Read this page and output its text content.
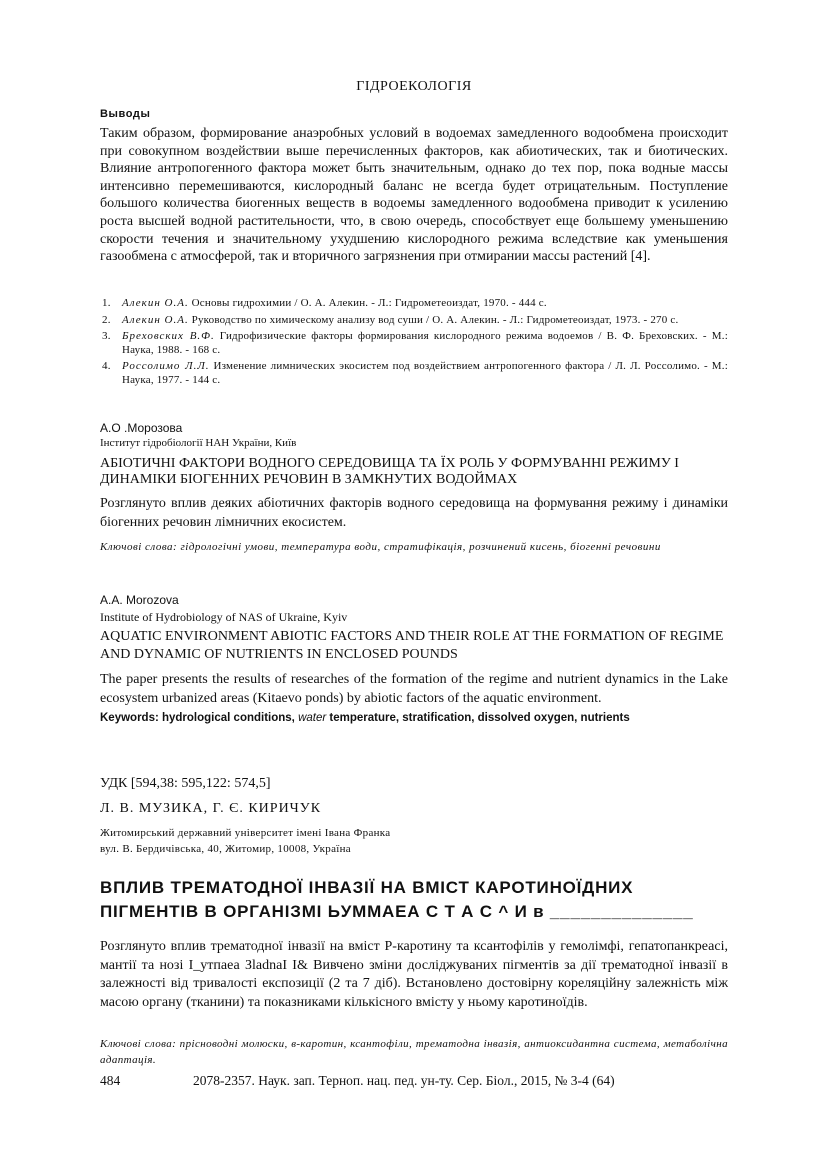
ГІДРОЕКОЛОГІЯ
Выводы
Таким образом, формирование анаэробных условий в водоемах замедленного водообмена происходит при совокупном воздействии выше перечисленных факторов, как абиотических, так и биотических. Влияние антропогенного фактора может быть значительным, однако до тех пор, пока водные массы интенсивно перемешиваются, кислородный баланс не всегда будет отрицательным. Поступление большого количества биогенных веществ в водоемы замедленного водообмена приводит к усилению роста высшей водной растительности, что, в свою очередь, способствует еще большему уменьшению скорости течения и значительному ухудшению кислородного режима вследствие как уменьшения газообмена с атмосферой, так и вторичного загрязнения при отмирании массы растений [4].
1. Алекин О.А. Основы гидрохимии / О. А. Алекин. - Л.: Гидрометеоиздат, 1970. - 444 с.
2. Алекин О.А. Руководство по химическому анализу вод суши / О. А. Алекин. - Л.: Гидрометеоиздат, 1973. - 270 с.
3. Бреховских В.Ф. Гидрофизические факторы формирования кислородного режима водоемов / В. Ф. Бреховских. - М.: Наука, 1988. - 168 с.
4. Россолимо Л.Л. Изменение лимнических экосистем под воздействием антропогенного фактора / Л. Л. Россолимо. - М.: Наука, 1977. - 144 с.
А.О .Морозова
Інститут гідробіології НАН України, Київ
АБІОТИЧНІ ФАКТОРИ ВОДНОГО СЕРЕДОВИЩА ТА ЇХ РОЛЬ У ФОРМУВАННІ РЕЖИМУ І ДИНАМІКИ БІОГЕННИХ РЕЧОВИН В ЗАМКНУТИХ ВОДОЙМАХ
Розглянуто вплив деяких абіотичних факторів водного середовища на формування режиму і динаміки біогенних речовин лімничних екосистем.
Ключові слова: гідрологічні умови, температура води, стратифікація, розчинений кисень, біогенні речовини
A.A. Morozova
Institute of Hydrobiology of NAS of Ukraine, Kyiv
AQUATIC ENVIRONMENT ABIOTIC FACTORS AND THEIR ROLE AT THE FORMATION OF REGIME AND DYNAMIC OF NUTRIENTS IN ENCLOSED POUNDS
The paper presents the results of researches of the formation of the regime and nutrient dynamics in the Lake ecosystem urbanized areas (Kitaevo ponds) by abiotic factors of the aquatic environment.
Keywords: hydrological conditions, water temperature, stratification, dissolved oxygen, nutrients
УДК [594,38: 595,122: 574,5]
Л. В. МУЗИКА, Г. Є. КИРИЧУК
Житомирський державний університет імені Івана Франка
вул. В. Бердичівська, 40, Житомир, 10008, Україна
ВПЛИВ ТРЕМАТОДНОЇ ІНВАЗІЇ НА ВМІСТ КАРОТИНОЇДНИХ
ПІГМЕНТІВ В ОРГАНІЗМІ ЬУММАЕА С Т А С ^ И в ______________
Розглянуто вплив трематодної інвазії на вміст Р-каротину та ксантофілів у гемолімфі, гепатопанкреасі, мантії та нозі І_утпаеа ЗladnaI I& Вивчено зміни досліджуваних пігментів за дії трематодної інвазії в залежності від тривалості експозиції (2 та 7 діб). Встановлено достовірну кореляційну залежність між масою органу (тканини) та показниками кількісного вмісту у ньому каротиноїдів.
Ключові слова: прісноводні молюски, в-каротин, ксантофіли, трематодна інвазія, антиоксидантна система, метаболічна адаптація.
484	2078-2357. Наук. зап. Терноп. нац. пед. ун-ту. Сер. Біол., 2015, № 3-4 (64)
